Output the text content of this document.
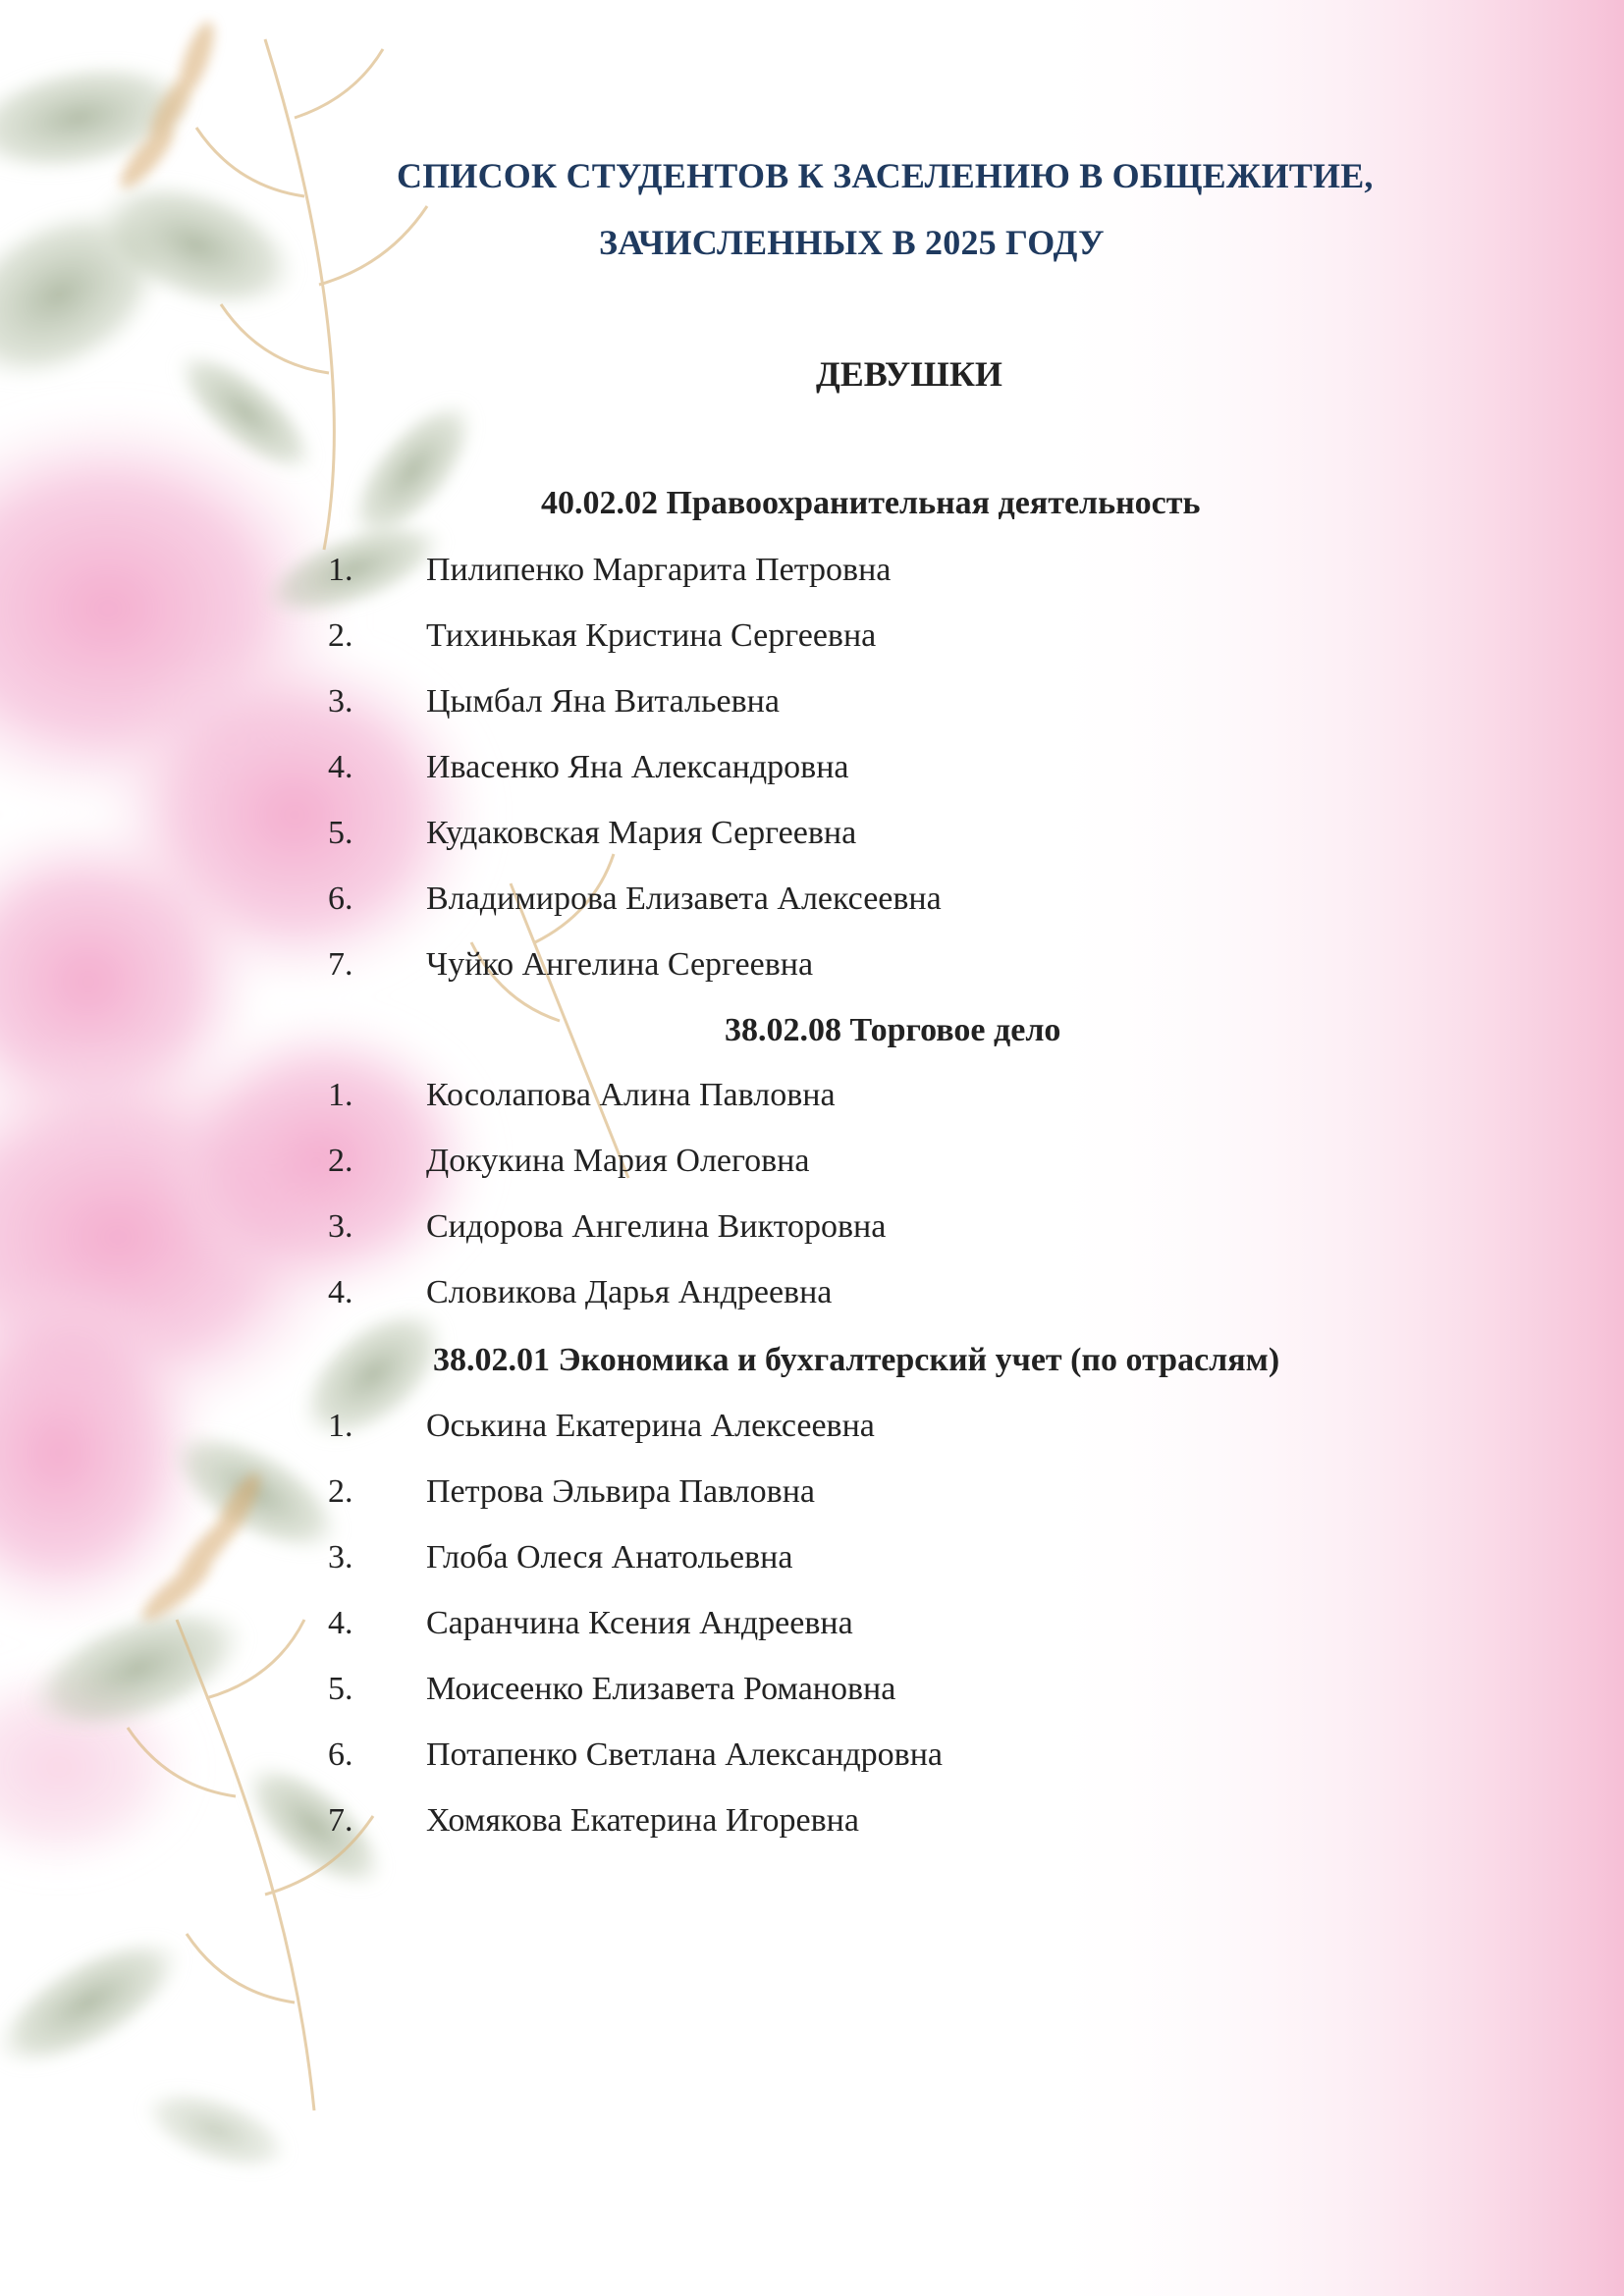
СПИСОК СТУДЕНТОВ К ЗАСЕЛЕНИЮ В ОБЩЕЖИТИЕ,
ЗАЧИСЛЕННЫХ В 2025 ГОДУ
ДЕВУШКИ
40.02.02 Правоохранительная деятельность
1. Пилипенко Маргарита Петровна
2. Тихинькая Кристина Сергеевна
3. Цымбал Яна Витальевна
4. Ивасенко Яна Александровна
5. Кудаковская Мария Сергеевна
6. Владимирова Елизавета Алексеевна
7. Чуйко Ангелина Сергеевна
38.02.08 Торговое дело
1. Косолапова Алина Павловна
2. Докукина Мария Олеговна
3. Сидорова Ангелина Викторовна
4. Словикова Дарья Андреевна
38.02.01 Экономика и бухгалтерский учет (по отраслям)
1. Оськина Екатерина Алексеевна
2. Петрова Эльвира Павловна
3. Глоба Олеся Анатольевна
4. Саранчина Ксения Андреевна
5. Моисеенко Елизавета Романовна
6. Потапенко Светлана Александровна
7. Хомякова Екатерина Игоревна
